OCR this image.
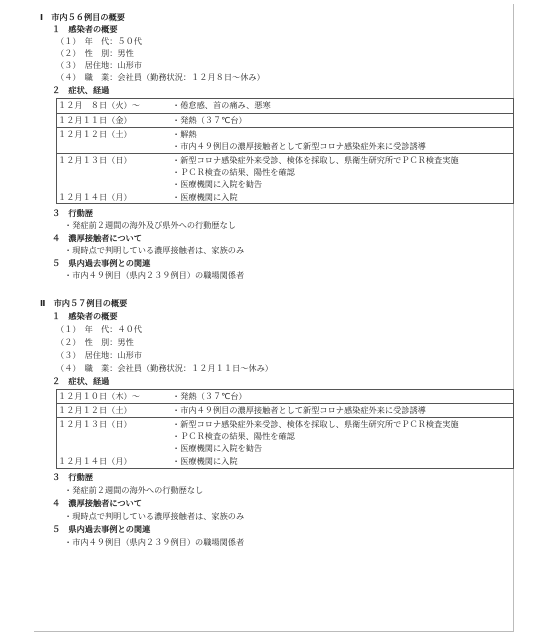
Ⅰ　市内５６例目の概要
１　感染者の概要
（１）　年　代：５０代
（２）　性　別：男性
（３）　居住地：山形市
（４）　職　業：会社員（勤務状況：１２月８日～休み）
２　症状、経過
１２月　８日（火）～	・倦怠感、首の痛み、悪寒
１２月１１日（金）	・発熱（３７℃台）
１２月１２日（土）	・解熱
・市内４９例目の濃厚接触者として新型コロナ感染症外来に受診誘導
１２月１３日（日）	・新型コロナ感染症外来受診、検体を採取し、県衛生研究所でＰＣＲ検査実施
・ＰＣＲ検査の結果、陽性を確認
・医療機関に入院を勧告
１２月１４日（月）	・医療機関に入院
３　行動歴
・発症前２週間の海外及び県外への行動歴なし
４　濃厚接触者について
・現時点で判明している濃厚接触者は、家族のみ
５　県内過去事例との関連
・市内４９例目（県内２３９例目）の職場関係者
Ⅱ　市内５７例目の概要
１　感染者の概要
（１）　年　代：４０代
（２）　性　別：男性
（３）　居住地：山形市
（４）　職　業：会社員（勤務状況：１２月１１日～休み）
２　症状、経過
１２月１０日（木）～	・発熱（３７℃台）
１２月１２日（土）	・市内４９例目の濃厚接触者として新型コロナ感染症外来に受診誘導
１２月１３日（日）	・新型コロナ感染症外来受診、検体を採取し、県衛生研究所でＰＣＲ検査実施
・ＰＣＲ検査の結果、陽性を確認
・医療機関に入院を勧告
１２月１４日（月）	・医療機関に入院
３　行動歴
・発症前２週間の海外への行動歴なし
４　濃厚接触者について
・現時点で判明している濃厚接触者は、家族のみ
５　県内過去事例との関連
・市内４９例目（県内２３９例目）の職場関係者
